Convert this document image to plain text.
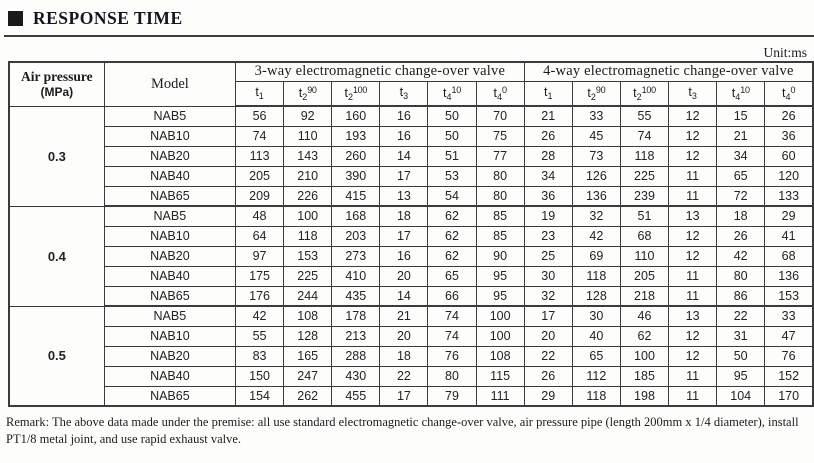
RESPONSE TIME
Unit:ms
Air pressure
(MPa)	Model	3-way electromagnetic change-over valve						4-way electromagnetic change-over valve					
		$t_1$	$t_2^{90}$	$t_2^{100}$	$t_3$	$t_4^{10}$	$t_4^0$	$t_1$	$t_2^{90}$	$t_2^{100}$	$t_3$	$t_4^{10}$	$t_4^0$
0.3	NAB5	56	92	160	16	50	70	21	33	55	12	15	26
	NAB10	74	110	193	16	50	75	26	45	74	12	21	36
	NAB20	113	143	260	14	51	77	28	73	118	12	34	60
	NAB40	205	210	390	17	53	80	34	126	225	11	65	120
	NAB65	209	226	415	13	54	80	36	136	239	11	72	133
0.4	NAB5	48	100	168	18	62	85	19	32	51	13	18	29
	NAB10	64	118	203	17	62	85	23	42	68	12	26	41
	NAB20	97	153	273	16	62	90	25	69	110	12	42	68
	NAB40	175	225	410	20	65	95	30	118	205	11	80	136
	NAB65	176	244	435	14	66	95	32	128	218	11	86	153
0.5	NAB5	42	108	178	21	74	100	17	30	46	13	22	33
	NAB10	55	128	213	20	74	100	20	40	62	12	31	47
	NAB20	83	165	288	18	76	108	22	65	100	12	50	76
	NAB40	150	247	430	22	80	115	26	112	185	11	95	152
	NAB65	154	262	455	17	79	111	29	118	198	11	104	170
Remark: The above data made under the premise: all use standard electromagnetic change-over valve, air pressure pipe (length 200mm x 1/4 diameter), install PT1/8 metal joint, and use rapid exhaust valve.
